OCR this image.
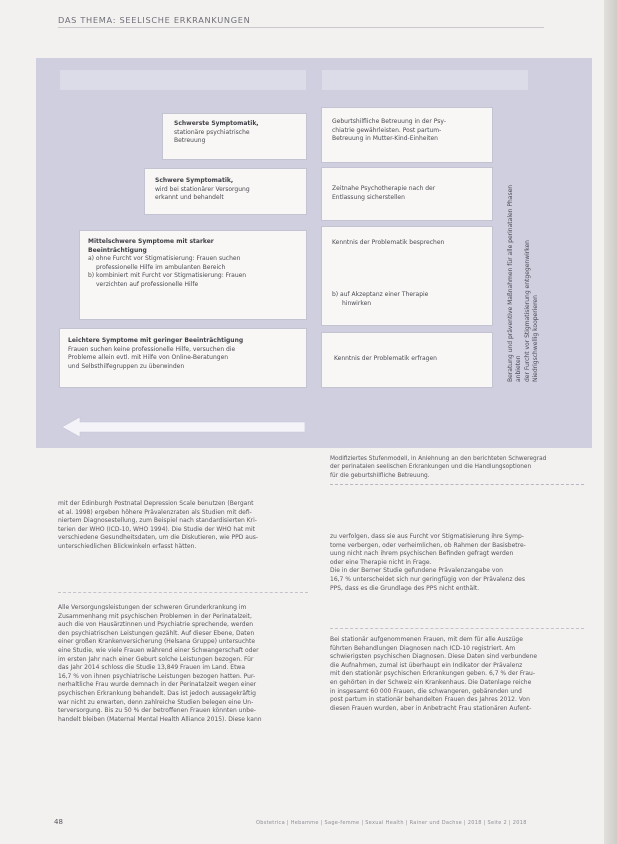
DAS THEMA: SEELISCHE ERKRANKUNGEN
Schwerste Symptomatik,
stationäre psychiatrische
Betreuung
Schwere Symptomatik,
wird bei stationärer Versorgung
erkannt und behandelt
Mittelschwere Symptome mit starker Beeinträchtigung
a) ohne Furcht vor Stigmatisierung: Frauen suchen
professionelle Hilfe im ambulanten Bereich
b) kombiniert mit Furcht vor Stigmatisierung: Frauen
verzichten auf professionelle Hilfe
Leichtere Symptome mit geringer Beeinträchtigung
Frauen suchen keine professionelle Hilfe, versuchen die
Probleme allein evtl. mit Hilfe von Online-Beratungen
und Selbsthilfegruppen zu überwinden
Geburtshilfliche Betreuung in der Psy-
chiatrie gewährleisten. Post partum-
Betreuung in Mutter-Kind-Einheiten
Zeitnahe Psychotherapie nach der
Entlassung sicherstellen
Kenntnis der Problematik besprechen
b) auf Akzeptanz einer Therapie
hinwirken
Kenntnis der Problematik erfragen	Beratung und präventive Maßnahmen für alle perinatalen Phasen anbieten der Furcht vor Stigmatisierung entgegenwirken Niedrigschwellig kooperieren
Modifiziertes Stufenmodell, in Anlehnung an den berichteten Schweregrad
der perinatalen seelischen Erkrankungen und die Handlungsoptionen
für die geburtshilfliche Betreuung.
mit der Edinburgh Postnatal Depression Scale benutzen (Bergant
et al. 1998) ergeben höhere Prävalenzraten als Studien mit defi-
niertem Diagnosestellung, zum Beispiel nach standardisierten Kri-
terien der WHO (ICD-10, WHO 1994). Die Studie der WHO hat mit
verschiedene Gesundheitsdaten, um die Diskutieren, wie PPD aus-
unterschiedlichen Blickwinkeln erfasst hätten.
zu verfolgen, dass sie aus Furcht vor Stigmatisierung ihre Symp-
tome verbergen, oder verheimlichen, ob Rahmen der Basisbetre-
uung nicht nach ihrem psychischen Befinden gefragt werden
oder eine Therapie nicht in Frage.
Die in der Berner Studie gefundene Prävalenzangabe von
16,7 % unterscheidet sich nur geringfügig von der Prävalenz des
PPS, dass es die Grundlage des PPS nicht enthält.
Alle Versorgungsleistungen der schweren Grunderkrankung im
Zusammenhang mit psychischen Problemen in der Perinatalzeit,
auch die von Hausärztinnen und Psychiatrie sprechende, werden
den psychiatrischen Leistungen gezählt. Auf dieser Ebene, Daten
einer großen Krankenversicherung (Helsana Gruppe) untersuchte
eine Studie, wie viele Frauen während einer Schwangerschaft oder
im ersten Jahr nach einer Geburt solche Leistungen bezogen. Für
das Jahr 2014 schloss die Studie 13,849 Frauen im Land. Etwa
16,7 % von ihnen psychiatrische Leistungen bezogen hatten. Pur-
nerhaltliche Frau wurde demnach in der Perinatalzeit wegen einer
psychischen Erkrankung behandelt. Das ist jedoch aussagekräftig
war nicht zu erwarten, denn zahlreiche Studien belegen eine Un-
terversorgung. Bis zu 50 % der betroffenen Frauen könnten unbe-
handelt bleiben (Maternal Mental Health Alliance 2015). Diese kann
Bei stationär aufgenommenen Frauen, mit dem für alle Auszüge
führten Behandlungen Diagnosen nach ICD-10 registriert. Am
schwierigsten psychischen Diagnosen. Diese Daten sind verbundene
die Aufnahmen, zumal ist überhaupt ein Indikator der Prävalenz
mit den stationär psychischen Erkrankungen geben. 6,7 % der Frau-
en gehörten in der Schweiz ein Krankenhaus. Die Datenlage reiche
in insgesamt 60 000 Frauen, die schwangeren, gebärenden und
post partum in stationär behandelten Frauen des Jahres 2012. Von
diesen Frauen wurden, aber in Anbetracht Frau stationären Aufent-
48	Obstetrica | Hebamme | Sage-femme | Sexual Health | Rainer und Dachse | 2018 | Seite 2 | 2018
